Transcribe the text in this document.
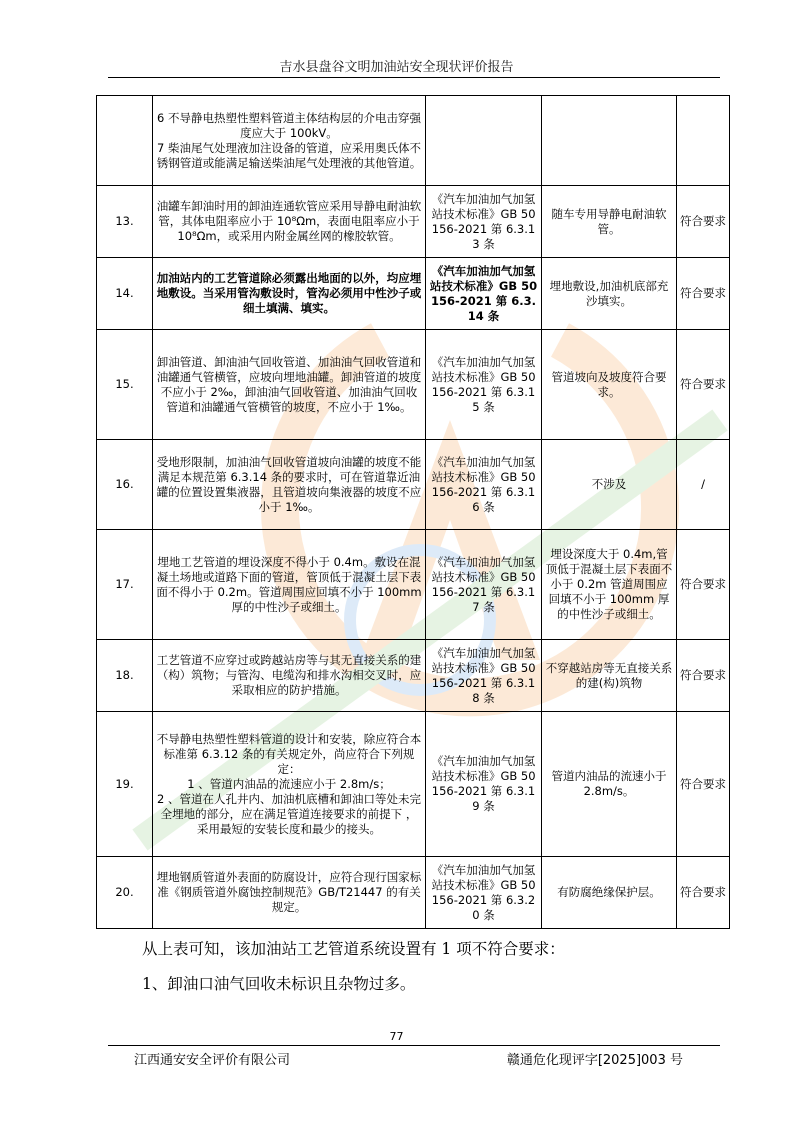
吉水县盘谷文明加油站安全现状评价报告
	6 不导静电热塑性塑料管道主体结构层的介电击穿强度应大于 100kV。
7 柴油尾气处理液加注设备的管道，应采用奥氏体不锈钢管道或能满足输送柴油尾气处理液的其他管道。			
13.	油罐车卸油时用的卸油连通软管应采用导静电耐油软管，其体电阻率应小于 10⁸Ωm，表面电阻率应小于 10⁸Ωm，或采用内附金属丝网的橡胶软管。	《汽车加油加气加氢站技术标准》GB 50156-2021 第 6.3.13 条	随车专用导静电耐油软管。	符合要求
14.	加油站内的工艺管道除必须露出地面的以外，均应埋地敷设。当采用管沟敷设时，管沟必须用中性沙子或细土填满、填实。	《汽车加油加气加氢站技术标准》GB 50156-2021 第 6.3.14 条	埋地敷设,加油机底部充沙填实。	符合要求
15.	卸油管道、卸油油气回收管道、加油油气回收管道和油罐通气管横管，应坡向埋地油罐。卸油管道的坡度不应小于 2‰，卸油油气回收管道、加油油气回收管道和油罐通气管横管的坡度，不应小于 1‰。	《汽车加油加气加氢站技术标准》GB 50156-2021 第 6.3.15 条	管道坡向及坡度符合要求。	符合要求
16.	受地形限制，加油油气回收管道坡向油罐的坡度不能满足本规范第 6.3.14 条的要求时，可在管道靠近油罐的位置设置集液器，且管道坡向集液器的坡度不应小于 1‰。	《汽车加油加气加氢站技术标准》GB 50156-2021 第 6.3.16 条	不涉及	/
17.	埋地工艺管道的埋设深度不得小于 0.4m。敷设在混凝土场地或道路下面的管道，管顶低于混凝土层下表面不得小于 0.2m。管道周围应回填不小于 100mm 厚的中性沙子或细土。	《汽车加油加气加氢站技术标准》GB 50156-2021 第 6.3.17 条	埋设深度大于 0.4m,管顶低于混凝土层下表面不小于 0.2m 管道周围应回填不小于 100mm 厚的中性沙子或细土。	符合要求
18.	工艺管道不应穿过或跨越站房等与其无直接关系的建（构）筑物；与管沟、电缆沟和排水沟相交叉时，应采取相应的防护措施。	《汽车加油加气加氢站技术标准》GB 50156-2021 第 6.3.18 条	不穿越站房等无直接关系的建(构)筑物	符合要求
19.	不导静电热塑性塑料管道的设计和安装，除应符合本标准第 6.3.12 条的有关规定外，尚应符合下列规定：
1 、管道内油品的流速应小于 2.8m/s；
2 、管道在人孔井内、加油机底槽和卸油口等处未完全埋地的部分，应在满足管道连接要求的前提下 ，采用最短的安装长度和最少的接头。	《汽车加油加气加氢站技术标准》GB 50156-2021 第 6.3.19 条	管道内油品的流速小于 2.8m/s。	符合要求
20.	埋地钢质管道外表面的防腐设计，应符合现行国家标准《钢质管道外腐蚀控制规范》GB/T21447 的有关规定。	《汽车加油加气加氢站技术标准》GB 50156-2021 第 6.3.20 条	有防腐绝缘保护层。	符合要求
从上表可知，该加油站工艺管道系统设置有 1 项不符合要求：
1、卸油口油气回收未标识且杂物过多。
77
江西通安安全评价有限公司	赣通危化现评字[2025]003 号
